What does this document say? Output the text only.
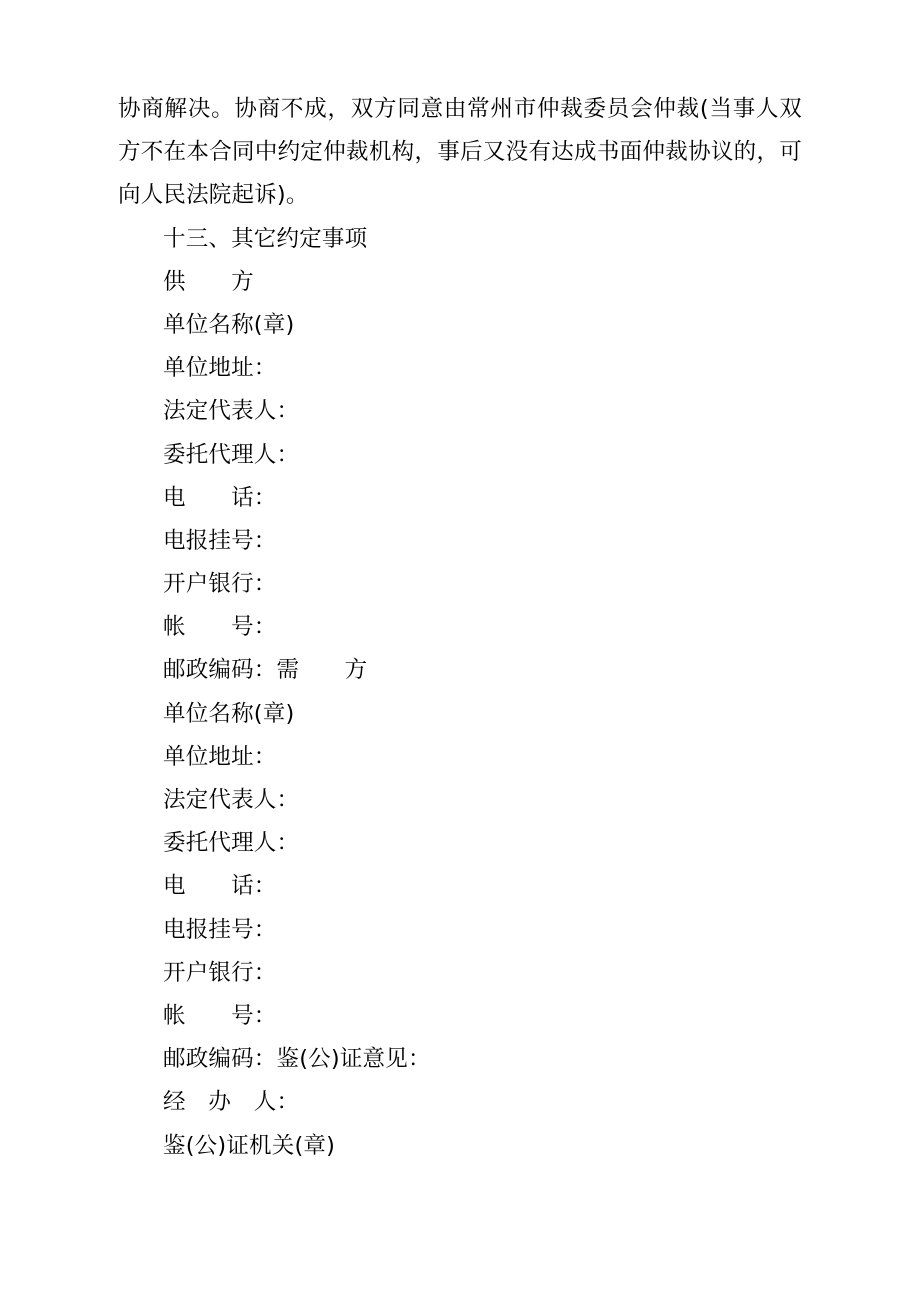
协商解决。协商不成，双方同意由常州市仲裁委员会仲裁(当事人双方不在本合同中约定仲裁机构，事后又没有达成书面仲裁协议的，可向人民法院起诉)。

十三、其它约定事项

供　　方

单位名称(章)

单位地址：

法定代表人：

委托代理人：

电　　话：

电报挂号：

开户银行：

帐　　号：

邮政编码：需　　方

单位名称(章)

单位地址：

法定代表人：

委托代理人：

电　　话：

电报挂号：

开户银行：

帐　　号：

邮政编码：鉴(公)证意见：

经　办　人：

鉴(公)证机关(章)
